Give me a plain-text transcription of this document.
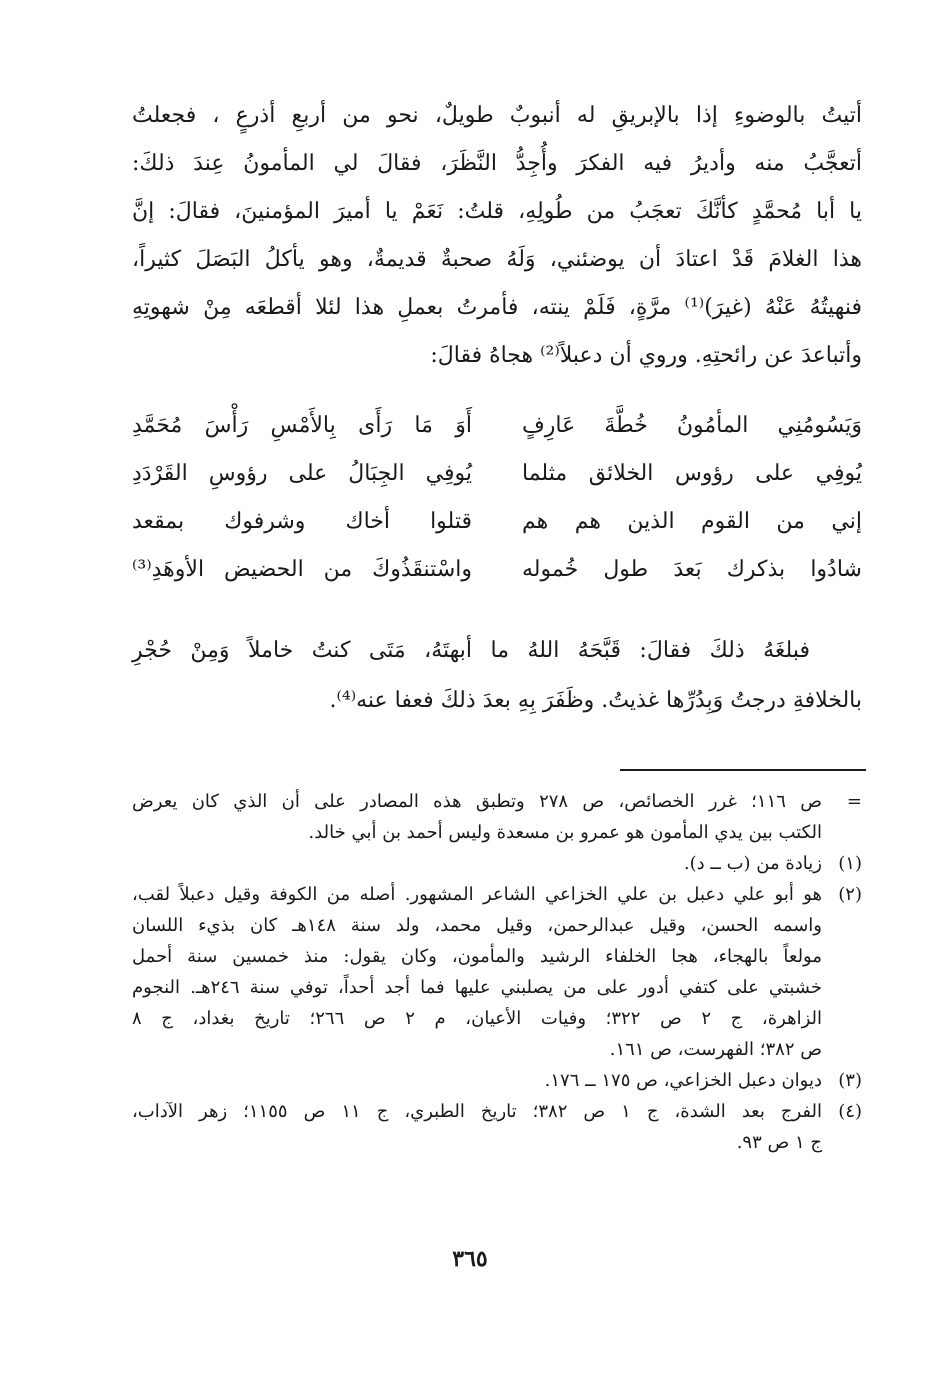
أتيتُ بالوضوءِ إذا بالإبريقِ له أنبوبٌ طويلٌ، نحو من أربعِ أذرعٍ ، فجعلتُ

أتعجَّبُ منه وأديرُ فيه الفكرَ وأُجِدُّ النَّظَرَ، فقالَ لي المأمونُ عِندَ ذلكَ:

يا أبا مُحمَّدٍ كأنَّكَ تعجَبُ من طُولِهِ، قلتُ: نَعَمْ يا أميرَ المؤمنينَ، فقالَ: إنَّ

هذا الغلامَ قَدْ اعتادَ أن يوضئني، وَلَهُ صحبةٌ قديمةٌ، وهو يأكلُ البَصَلَ كثيراً،

فنهيتُهُ عَنْهُ (غيرَ)⁽¹⁾ مرَّةٍ، فَلَمْ ينته، فأمرتُ بعملِ هذا لئلا أقطعَه مِنْ شهوتِهِ

وأتباعدَ عن رائحتِهِ. وروي أن دعبلاً⁽²⁾ هجاهُ فقالَ:

وَيَسُومُنِي المأمُونُ خُطَّةَ عَارِفٍ
أَوَ مَا رَأَى بِالأَمْسِ رَأْسَ مُحَمَّدِ
يُوفِي على رؤوس الخلائق مثلما
يُوفِي الجِبَالُ على رؤوسِ القَرْدَدِ
إني من القوم الذين هم هم
قتلوا أخاك وشرفوك بمقعد
شادُوا بذكرك بَعدَ طول خُموله
واسْتنقَذُوكَ من الحضيض الأوهَدِ⁽³⁾

فبلغَهُ ذلكَ فقالَ: قَبَّحَهُ اللهُ ما أبهتَهُ، مَتَى كنتُ خاملاً وَمِنْ حُجْرِ

بالخلافةِ درجتُ وَبِدُرِّها غذيتُ. وظَفَرَ بِهِ بعدَ ذلكَ فعفا عنه⁽⁴⁾.

=
ص ١١٦؛ غرر الخصائص، ص ٢٧٨ وتطبق هذه المصادر على أن الذي كان يعرض
الكتب بين يدي المأمون هو عمرو بن مسعدة وليس أحمد بن أبي خالد.
(١)
زيادة من (ب ــ د).
(٢)
هو أبو علي دعبل بن علي الخزاعي الشاعر المشهور. أصله من الكوفة وقيل دعبلاً لقب،
واسمه الحسن، وقيل عبدالرحمن، وقيل محمد، ولد سنة ١٤٨هـ كان بذيء اللسان
مولعاً بالهجاء، هجا الخلفاء الرشيد والمأمون، وكان يقول: منذ خمسين سنة أحمل
خشبتي على كتفي أدور على من يصلبني عليها فما أجد أحداً، توفي سنة ٢٤٦هـ. النجوم
الزاهرة، ج ٢ ص ٣٢٢؛ وفيات الأعيان، م ٢ ص ٢٦٦؛ تاريخ بغداد، ج ٨
ص ٣٨٢؛ الفهرست، ص ١٦١.
(٣)
ديوان دعبل الخزاعي، ص ١٧٥ ــ ١٧٦.
(٤)
الفرج بعد الشدة، ج ١ ص ٣٨٢؛ تاريخ الطبري، ج ١١ ص ١١٥٥؛ زهر الآداب،
ج ١ ص ٩٣.
٣٦٥
